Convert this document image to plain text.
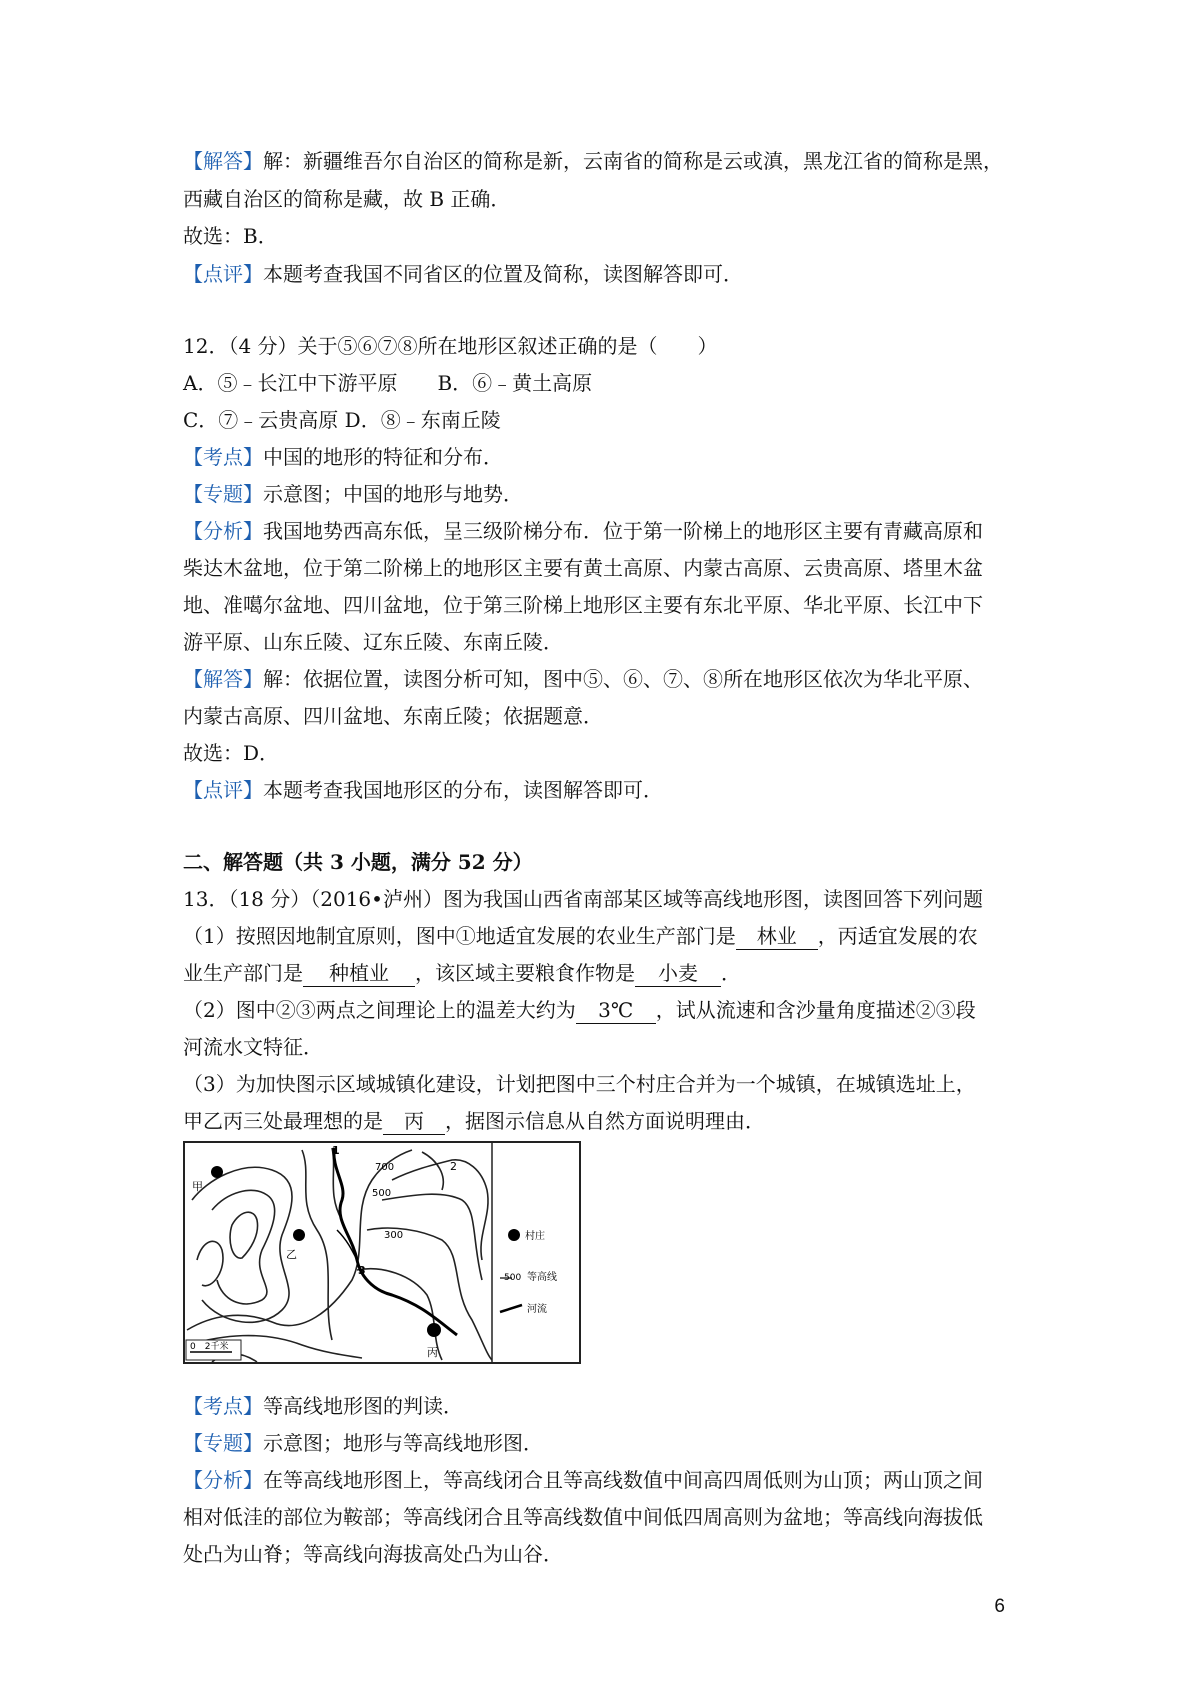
【解答】解：新疆维吾尔自治区的简称是新，云南省的简称是云或滇，黑龙江省的简称是黑，
西藏自治区的简称是藏，故 B 正确．
故选：B．
【点评】本题考查我国不同省区的位置及简称，读图解答即可．
12．（4 分）关于⑤⑥⑦⑧所在地形区叙述正确的是（　　）
A．⑤﹣长江中下游平原　　B．⑥﹣黄土高原
C．⑦﹣云贵高原 D．⑧﹣东南丘陵
【考点】中国的地形的特征和分布．
【专题】示意图；中国的地形与地势．
【分析】我国地势西高东低，呈三级阶梯分布．位于第一阶梯上的地形区主要有青藏高原和
柴达木盆地，位于第二阶梯上的地形区主要有黄土高原、内蒙古高原、云贵高原、塔里木盆
地、准噶尔盆地、四川盆地，位于第三阶梯上地形区主要有东北平原、华北平原、长江中下
游平原、山东丘陵、辽东丘陵、东南丘陵．
【解答】解：依据位置，读图分析可知，图中⑤、⑥、⑦、⑧所在地形区依次为华北平原、
内蒙古高原、四川盆地、东南丘陵；依据题意．
故选：D．
【点评】本题考查我国地形区的分布，读图解答即可．
二、解答题（共 3 小题，满分 52 分）
13．（18 分）（2016•泸州）图为我国山西省南部某区域等高线地形图，读图回答下列问题
（1）按照因地制宜原则，图中①地适宜发展的农业生产部门是 林业 ，丙适宜发展的农
业生产部门是 种植业 ，该区域主要粮食作物是 小麦 ．
（2）图中②③两点之间理论上的温差大约为 3℃ ，试从流速和含沙量角度描述②③段
河流水文特征．
（3）为加快图示区域城镇化建设，计划把图中三个村庄合并为一个城镇，在城镇选址上，
甲乙丙三处最理想的是 丙 ，据图示信息从自然方面说明理由．
甲
乙
丙
1
2
3
700
500
300
0　2千米
村庄
500 等高线
河流
【考点】等高线地形图的判读．
【专题】示意图；地形与等高线地形图．
【分析】在等高线地形图上，等高线闭合且等高线数值中间高四周低则为山顶；两山顶之间
相对低洼的部位为鞍部；等高线闭合且等高线数值中间低四周高则为盆地；等高线向海拔低
处凸为山脊；等高线向海拔高处凸为山谷．
6
